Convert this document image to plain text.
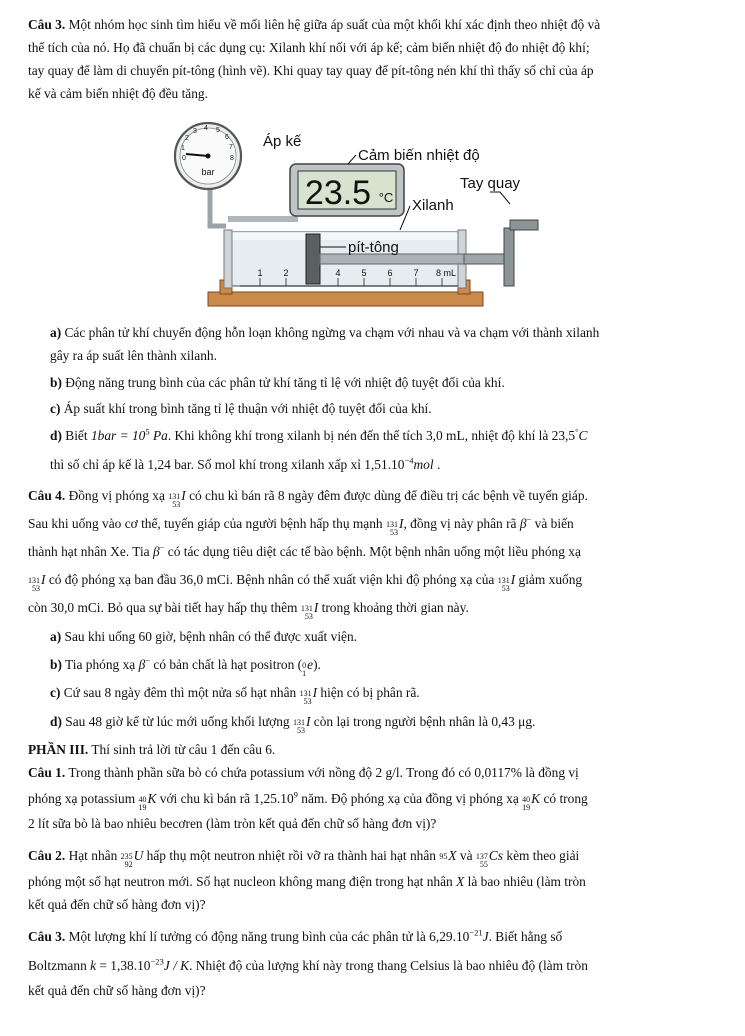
Câu 3. Một nhóm học sinh tìm hiểu về mối liên hệ giữa áp suất của một khối khí xác định theo nhiệt độ và

thể tích của nó. Họ đã chuẩn bị các dụng cụ: Xilanh khí nối với áp kế; cảm biến nhiệt độ đo nhiệt độ khí;

tay quay để làm di chuyển pít-tông (hình vẽ). Khi quay tay quay để pít-tông nén khí thì thấy số chỉ của áp

kế và cảm biến nhiệt độ đều tăng.

0
1
2
3 4 5
6
7
8
bar
23.5 °C
Áp kế
Cảm biến nhiệt độ
Tay quay
Xilanh
pít-tông
1 2	4 5 6 7 8 mL

a) Các phân tử khí chuyển động hỗn loạn không ngừng va chạm với nhau và va chạm với thành xilanh

gây ra áp suất lên thành xilanh.

b) Động năng trung bình của các phân tử khí tăng tỉ lệ với nhiệt độ tuyệt đối của khí.

c) Áp suất khí trong bình tăng tỉ lệ thuận với nhiệt độ tuyệt đối của khí.

d) Biết $1bar = 10^5$ Pa. Khi không khí trong xilanh bị nén đến thể tích 3,0 mL, nhiệt độ khí là 23,5°C

thì số chỉ áp kế là 1,24 bar. Số mol khí trong xilanh xấp xỉ $1,51.10^{-4}mol$ .

Câu 4. Đồng vị phóng xạ 131
53
I có chu kì bán rã 8 ngày đêm được dùng để điều trị các bệnh về tuyến giáp.

Sau khi uống vào cơ thể, tuyến giáp của người bệnh hấp thụ mạnh 131
53
I, đồng vị này phân rã β− và biến

thành hạt nhân Xe. Tia β− có tác dụng tiêu diệt các tế bào bệnh. Một bệnh nhân uống một liều phóng xạ

131
53
I có độ phóng xạ ban đầu 36,0 mCi. Bệnh nhân có thể xuất viện khi độ phóng xạ của 131
53
I giảm xuống

còn 30,0 mCi. Bỏ qua sự bài tiết hay hấp thụ thêm 131
53
I trong khoảng thời gian này.

a) Sau khi uống 60 giờ, bệnh nhân có thể được xuất viện.

b) Tia phóng xạ β− có bản chất là hạt positron ( 0
1
e).

c) Cứ sau 8 ngày đêm thì một nửa số hạt nhân 131
53
I hiện có bị phân rã.

d) Sau 48 giờ kể từ lúc mới uống khối lượng 131
53
I còn lại trong người bệnh nhân là 0,43 μg.

PHẦN III. Thí sinh trả lời từ câu 1 đến câu 6.

Câu 1. Trong thành phần sữa bò có chứa potassium với nồng độ 2 g/l. Trong đó có 0,0117% là đồng vị

phóng xạ potassium 40
19
K với chu kì bán rã 1,25.10$^9$ năm. Độ phóng xạ của đồng vị phóng xạ 40
19
K có trong

2 lít sữa bò là bao nhiêu becơren (làm tròn kết quả đến chữ số hàng đơn vị)?

Câu 2. Hạt nhân 235
92
U hấp thụ một neutron nhiệt rồi vỡ ra thành hai hạt nhân 95
X và 137
55
Cs kèm theo giải

phóng một số hạt neutron mới. Số hạt nucleon không mang điện trong hạt nhân X là bao nhiêu (làm tròn

kết quả đến chữ số hàng đơn vị)?

Câu 3. Một lượng khí lí tưởng có động năng trung bình của các phân tử là $6,29.10^{-21}J$. Biết hằng số

Boltzmann $k = 1,38.10^{-23}J / K$. Nhiệt độ của lượng khí này trong thang Celsius là bao nhiêu độ (làm tròn

kết quả đến chữ số hàng đơn vị)?
